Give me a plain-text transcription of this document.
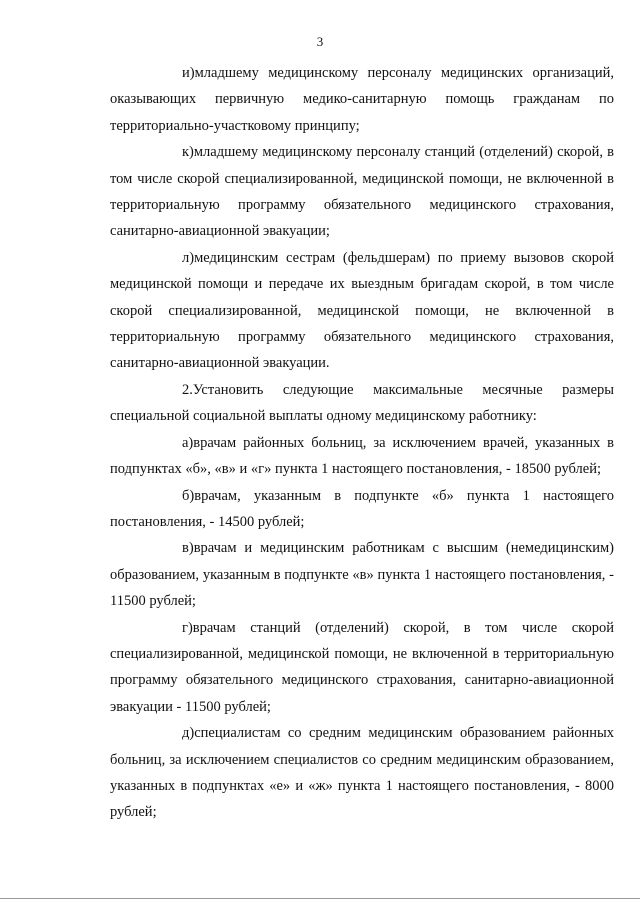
3

и)младшему медицинскому персоналу медицинских организаций, оказывающих первичную медико-санитарную помощь гражданам по территориально-участковому принципу;

к)младшему медицинскому персоналу станций (отделений) скорой, в том числе скорой специализированной, медицинской помощи, не включенной в территориальную программу обязательного медицинского страхования, санитарно-авиационной эвакуации;

л)медицинским сестрам (фельдшерам) по приему вызовов скорой медицинской помощи и передаче их выездным бригадам скорой, в том числе скорой специализированной, медицинской помощи, не включенной в территориальную программу обязательного медицинского страхования, санитарно-авиационной эвакуации.

2.Установить следующие максимальные месячные размеры специальной социальной выплаты одному медицинскому работнику:

а)врачам районных больниц, за исключением врачей, указанных в подпунктах «б», «в» и «г» пункта 1 настоящего постановления, - 18500 рублей;

б)врачам, указанным в подпункте «б» пункта 1 настоящего постановления, - 14500 рублей;

в)врачам и медицинским работникам с высшим (немедицинским) образованием, указанным в подпункте «в» пункта 1 настоящего постановления, - 11500 рублей;

г)врачам станций (отделений) скорой, в том числе скорой специализированной, медицинской помощи, не включенной в территориальную программу обязательного медицинского страхования, санитарно-авиационной эвакуации - 11500 рублей;

д)специалистам со средним медицинским образованием районных больниц, за исключением специалистов со средним медицинским образованием, указанных в подпунктах «е» и «ж» пункта 1 настоящего постановления, - 8000 рублей;
